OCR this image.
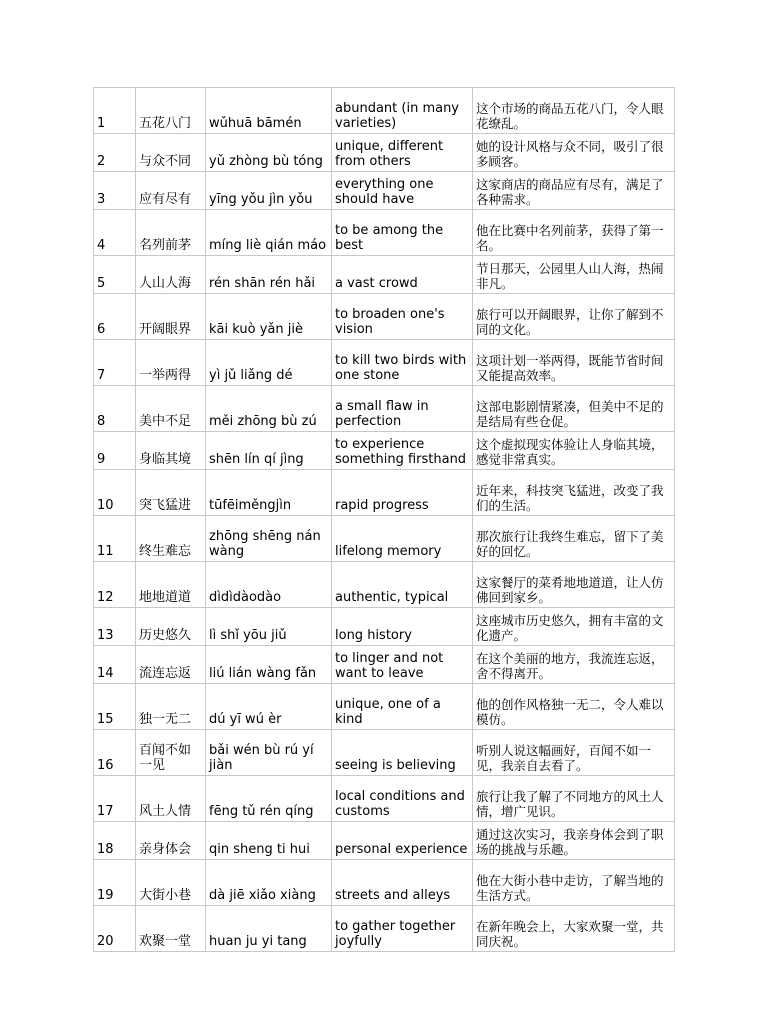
1	五花八门	wǔhuā bāmén	abundant (in many varieties)	这个市场的商品五花八门，令人眼花缭乱。
2	与众不同	yǔ zhòng bù tóng	unique, different from others	她的设计风格与众不同，吸引了很多顾客。
3	应有尽有	yīng yǒu jìn yǒu	everything one should have	这家商店的商品应有尽有，满足了各种需求。
4	名列前茅	míng liè qián máo	to be among the best	他在比赛中名列前茅，获得了第一名。
5	人山人海	rén shān rén hǎi	a vast crowd	节日那天，公园里人山人海，热闹非凡。
6	开阔眼界	kāi kuò yǎn jiè	to broaden one's vision	旅行可以开阔眼界，让你了解到不同的文化。
7	一举两得	yì jǔ liǎng dé	to kill two birds with one stone	这项计划一举两得，既能节省时间又能提高效率。
8	美中不足	měi zhōng bù zú	a small flaw in perfection	这部电影剧情紧凑，但美中不足的是结局有些仓促。
9	身临其境	shēn lín qí jìng	to experience something firsthand	这个虚拟现实体验让人身临其境，感觉非常真实。
10	突飞猛进	tūfēiměngjìn	rapid progress	近年来，科技突飞猛进，改变了我们的生活。
11	终生难忘	zhōng shēng nán wàng	lifelong memory	那次旅行让我终生难忘，留下了美好的回忆。
12	地地道道	dìdìdàodào	authentic, typical	这家餐厅的菜肴地地道道，让人仿佛回到家乡。
13	历史悠久	lì shǐ yōu jiǔ	long history	这座城市历史悠久，拥有丰富的文化遗产。
14	流连忘返	liú lián wàng fǎn	to linger and not want to leave	在这个美丽的地方，我流连忘返，舍不得离开。
15	独一无二	dú yī wú èr	unique, one of a kind	他的创作风格独一无二，令人难以模仿。
16	百闻不如一见	bǎi wén bù rú yí jiàn	seeing is believing	听别人说这幅画好，百闻不如一见，我亲自去看了。
17	风土人情	fēng tǔ rén qíng	local conditions and customs	旅行让我了解了不同地方的风土人情，增广见识。
18	亲身体会	qin sheng ti hui	personal experience	通过这次实习，我亲身体会到了职场的挑战与乐趣。
19	大街小巷	dà jiē xiǎo xiàng	streets and alleys	他在大街小巷中走访，了解当地的生活方式。
20	欢聚一堂	huan ju yi tang	to gather together joyfully	在新年晚会上，大家欢聚一堂，共同庆祝。
